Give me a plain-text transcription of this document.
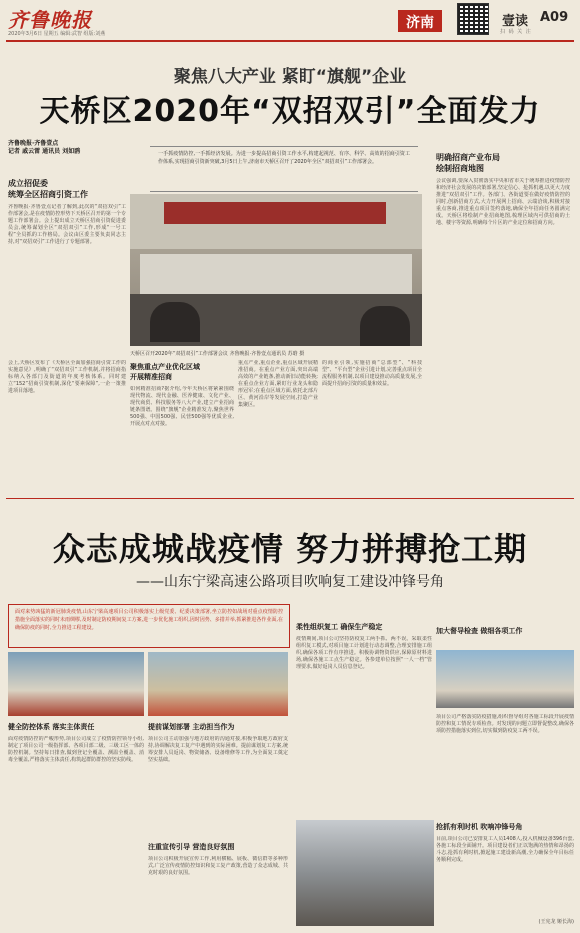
齐鲁晚报
2020年3月6日 星期五 编辑:武智 组版:刘燕
济南
扫 码 关 注
壹读 A09
聚焦八大产业 紧盯“旗舰”企业
天桥区2020年“双招双引”全面发力
齐鲁晚报·齐鲁壹点
记者 戚云雷 通讯员 刘如鸥	一手抓疫情防控,一手抓经济发展。为进一步提高招商引资工作水平,构建起视范、有序、科学、高效的招商引资工作体系,实现招商引资新突破,3月5日上午,济南市天桥区召开了2020年全区“双招双引”工作部署会。
成立招促委
统筹全区招商引资工作
齐鲁晚报·齐鲁壹点记者了解到,此次的“双招双引”工作部署会,是在疫情防控形势下天桥区召开的第一个专题工作部署会。会上提出成立天桥区招商引资促进委员会,统筹谋划全区“双招双引”工作,形成“一号工程”全员抓的工作格局。会议由区委主要负责同志主持,对“双招双引”工作进行了专题部署。
天桥区召开2020年“双招双引”工作部署会议 齐鲁晚报·齐鲁壹点通讯员 苏晗 摄
会上,天桥区发布了《天桥区全面加强招商引资工作的实施意见》,明确了“双招双引”工作机制,并将招商指标纳入各部门及街道的年度考核体系。同时建立“152”招商引资机制,深化“要素保障”,一企一策推进项目落地。
聚焦重点产业优化区域
开展精准招商
如何精准招商?据介绍,今年天桥区将紧紧围绕现代物流、现代金融、医养健康、文化产业、现代商贸、科技服务等八大产业,建立产业招商链条图谱。围绕“旗舰”企业精准发力,聚焦世界500强、中国500强、民营500强等优质企业,开展点对点对接。
重点产业,重点企业,重点区域开展精准招商。在重点产业方面,突出高端高效的产业链条,推动新旧动能转换;在重点企业方面,紧盯行业龙头和隐形冠军;在重点区域方面,依托北部片区、黄河沿岸等发展空间,打造产业集聚区。
的商业引领,实施招商“总部型”、“科技型”、“平台型”企业引进计划,完善重点项目全流程服务机制,以项目建设推动高质量发展,全面提升招商引资的质量和效益。
明确招商产业布局
绘制招商地图
会议强调,要深入贯彻落实中央和省市关于统筹推进疫情防控和经济社会发展的决策部署,坚定信心、抢抓机遇,以更大力度推进“双招双引”工作。各部门、各街道要在做好疫情防控的同时,创新招商方式,大力开展网上招商、云端洽谈,积极对接重点客商,推进重点项目签约落地,确保全年招商任务圆满完成。天桥区将绘制产业招商地图,梳理区域内可供招商的土地、楼宇等资源,明确每个片区的产业定位和招商方向。
众志成城战疫情 努力拼搏抢工期
——山东宁梁高速公路项目吹响复工建设冲锋号角
面对来势凶猛的新冠肺炎疫情,山东宁梁高速项目公司积极落实上级党委、纪委决策部署,坐立防控如战场对重点疫情防控措施全面落实的同时未雨绸缪,及时制定防疫期间复工方案,进一步优化施工组织,因时因势、多措并举,抓紧推进各作业面,在确保防疫的同时,全力推进工程建设。
健全防控体系 落实主体责任
面对疫情防控的严峻形势,项目公司成立了疫情防控领导小组,制定了项目公司一级指挥部、各项目部二级、三级工区一体的防控机制。坚持每日排查,做到登记全覆盖、测温全覆盖、消毒全覆盖,严格落实主体责任,构筑起群防群控的坚实防线。
提前谋划部署 主动担当作为
项目公司主动加强与地方政府的沟通对接,积极争取地方政府支持,协调解决复工复产中遇到的实际困难。提前谋划复工方案,统筹安排人员返岗、物资储备、设备维修等工作,为全面复工奠定坚实基础。
注重宣传引导 营造良好氛围
项目公司积极开展宣传工作,利用横幅、展板、微信群等多种形式,广泛宣传疫情防控知识和复工复产政策,营造了众志成城、共克时艰的良好氛围。
柔性组织复工 确保生产稳定
疫情期间,项目公司坚持防疫复工两手抓、两不误。采取柔性组织复工模式,对项目施工计划进行动态调整,合理安排施工组织,确保各项工作有序推进。积极协调物资供应,保障原材料进场,确保各施工工点生产稳定。各参建单位按照“一人一档”管理要求,做好返岗人员信息登记。
加大督导检查 做细各项工作
项目公司严格落实防疫措施,组织督导组对各施工标段开展疫情防控和复工情况专项检查。对发现的问题立即督促整改,确保各项防控措施落实到位,切实做到防疫复工两不误。
抢抓有利时机 吹响冲锋号角
目前,项目公司已安排复工人员1408人,投入机械设备396台套,各施工标段全面铺开。项目建设者们正以饱满的热情和昂扬的斗志,抢抓有利时机,掀起施工建设新高潮,全力确保全年目标任务顺利完成。
(王宪龙 姬长海)
